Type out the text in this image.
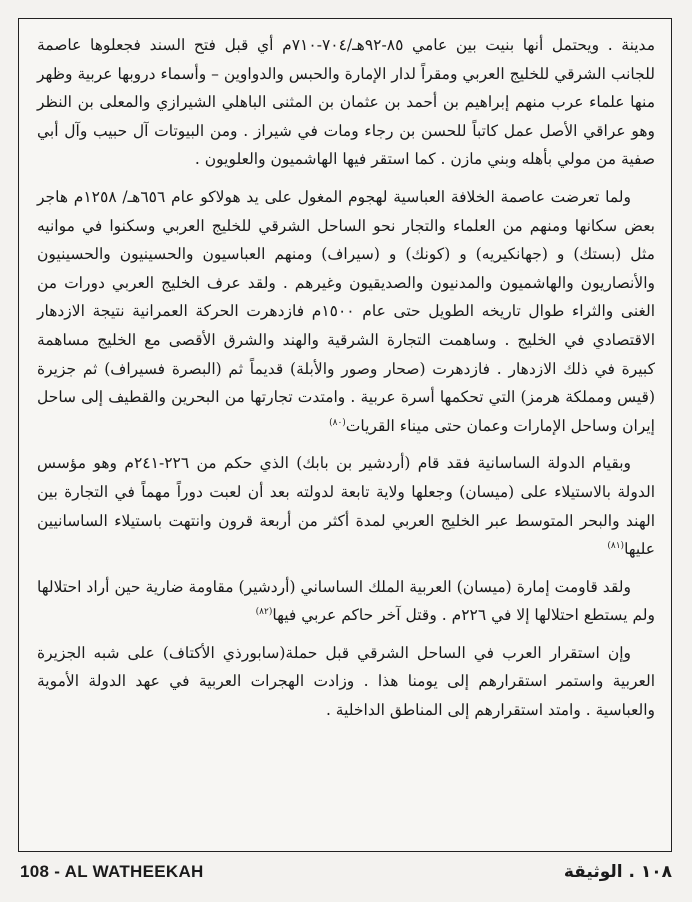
مدينة . ويحتمل أنها بنيت بين عامي ٨٥-٩٢هـ/٧٠٤-٧١٠م أي قبل فتح السند فجعلوها عاصمة للجانب الشرقي للخليج العربي ومقراً لدار الإمارة والحبس والدواوين – وأسماء دروبها عربية وظهر منها علماء عرب منهم إبراهيم بن أحمد بن عثمان بن المثنى الباهلي الشيرازي والمعلى بن النظر وهو عراقي الأصل عمل كاتباً للحسن بن رجاء ومات في شيراز . ومن البيوتات آل حبيب وآل أبي صفية من مولي بأهله وبني مازن . كما استقر فيها الهاشميون والعلويون .

ولما تعرضت عاصمة الخلافة العباسية لهجوم المغول على يد هولاكو عام ٦٥٦هـ/ ١٢٥٨م هاجر بعض سكانها ومنهم من العلماء والتجار نحو الساحل الشرقي للخليج العربي وسكنوا في موانيه مثل (بستك) و (جهانكيريه) و (كونك) و (سيراف) ومنهم العباسيون والحسينيون والحسينيون والأنصاريون والهاشميون والمدنيون والصديقيون وغيرهم . ولقد عرف الخليج العربي دورات من الغنى والثراء طوال تاريخه الطويل حتى عام ١٥٠٠م فازدهرت الحركة العمرانية نتيجة الازدهار الاقتصادي في الخليج . وساهمت التجارة الشرقية والهند والشرق الأقصى مع الخليج مساهمة كبيرة في ذلك الازدهار . فازدهرت (صحار وصور والأبلة) قديماً ثم (البصرة فسيراف) ثم جزيرة (قيس ومملكة هرمز) التي تحكمها أسرة عربية . وامتدت تجارتها من البحرين والقطيف إلى ساحل إيران وساحل الإمارات وعمان حتى ميناء القريات$^{(٨٠)}$

وبقيام الدولة الساسانية فقد قام (أردشير بن بابك) الذي حكم من ٢٢٦-٢٤١م وهو مؤسس الدولة بالاستيلاء على (ميسان) وجعلها ولاية تابعة لدولته بعد أن لعبت دوراً مهماً في التجارة بين الهند والبحر المتوسط عبر الخليج العربي لمدة أكثر من أربعة قرون وانتهت باستيلاء الساسانيين عليها$^{(٨١)}$

ولقد قاومت إمارة (ميسان) العربية الملك الساساني (أردشير) مقاومة ضارية حين أراد احتلالها ولم يستطع احتلالها إلا في ٢٢٦م . وقتل آخر حاكم عربي فيها$^{(٨٢)}$

وإن استقرار العرب في الساحل الشرقي قبل حملة(سابورذي الأكتاف) على شبه الجزيرة العربية واستمر استقرارهم إلى يومنا هذا . وزادت الهجرات العربية في عهد الدولة الأموية والعباسية . وامتد استقرارهم إلى المناطق الداخلية .

108 - AL WATHEEKAH	١٠٨ . الوثيقة
